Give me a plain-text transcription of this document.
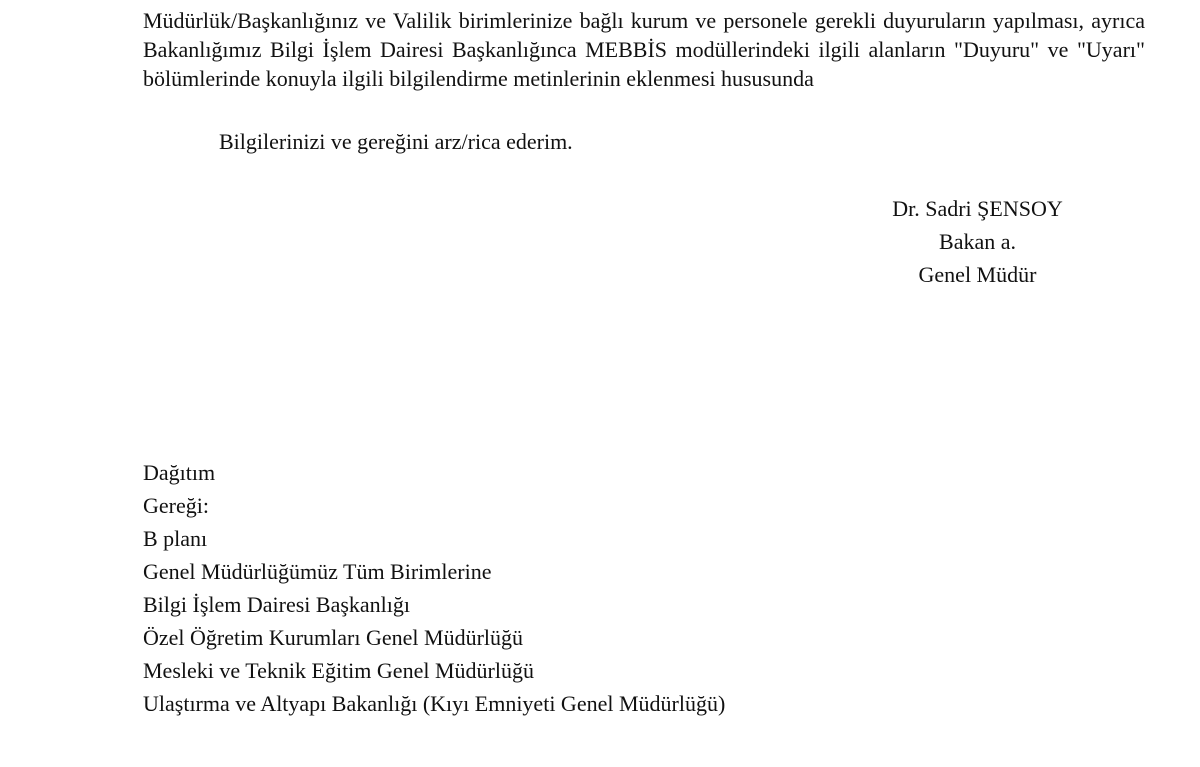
Müdürlük/Başkanlığınız ve Valilik birimlerinize bağlı kurum ve personele gerekli duyuruların yapılması, ayrıca Bakanlığımız Bilgi İşlem Dairesi Başkanlığınca MEBBİS modüllerindeki ilgili alanların "Duyuru" ve "Uyarı" bölümlerinde konuyla ilgili bilgilendirme metinlerinin eklenmesi hususunda

Bilgilerinizi ve gereğini arz/rica ederim.

Dr. Sadri ŞENSOY
Bakan a.
Genel Müdür
Dağıtım
Gereği:
B planı
Genel Müdürlüğümüz Tüm Birimlerine
Bilgi İşlem Dairesi Başkanlığı
Özel Öğretim Kurumları Genel Müdürlüğü
Mesleki ve Teknik Eğitim Genel Müdürlüğü
Ulaştırma ve Altyapı Bakanlığı (Kıyı Emniyeti Genel Müdürlüğü)
